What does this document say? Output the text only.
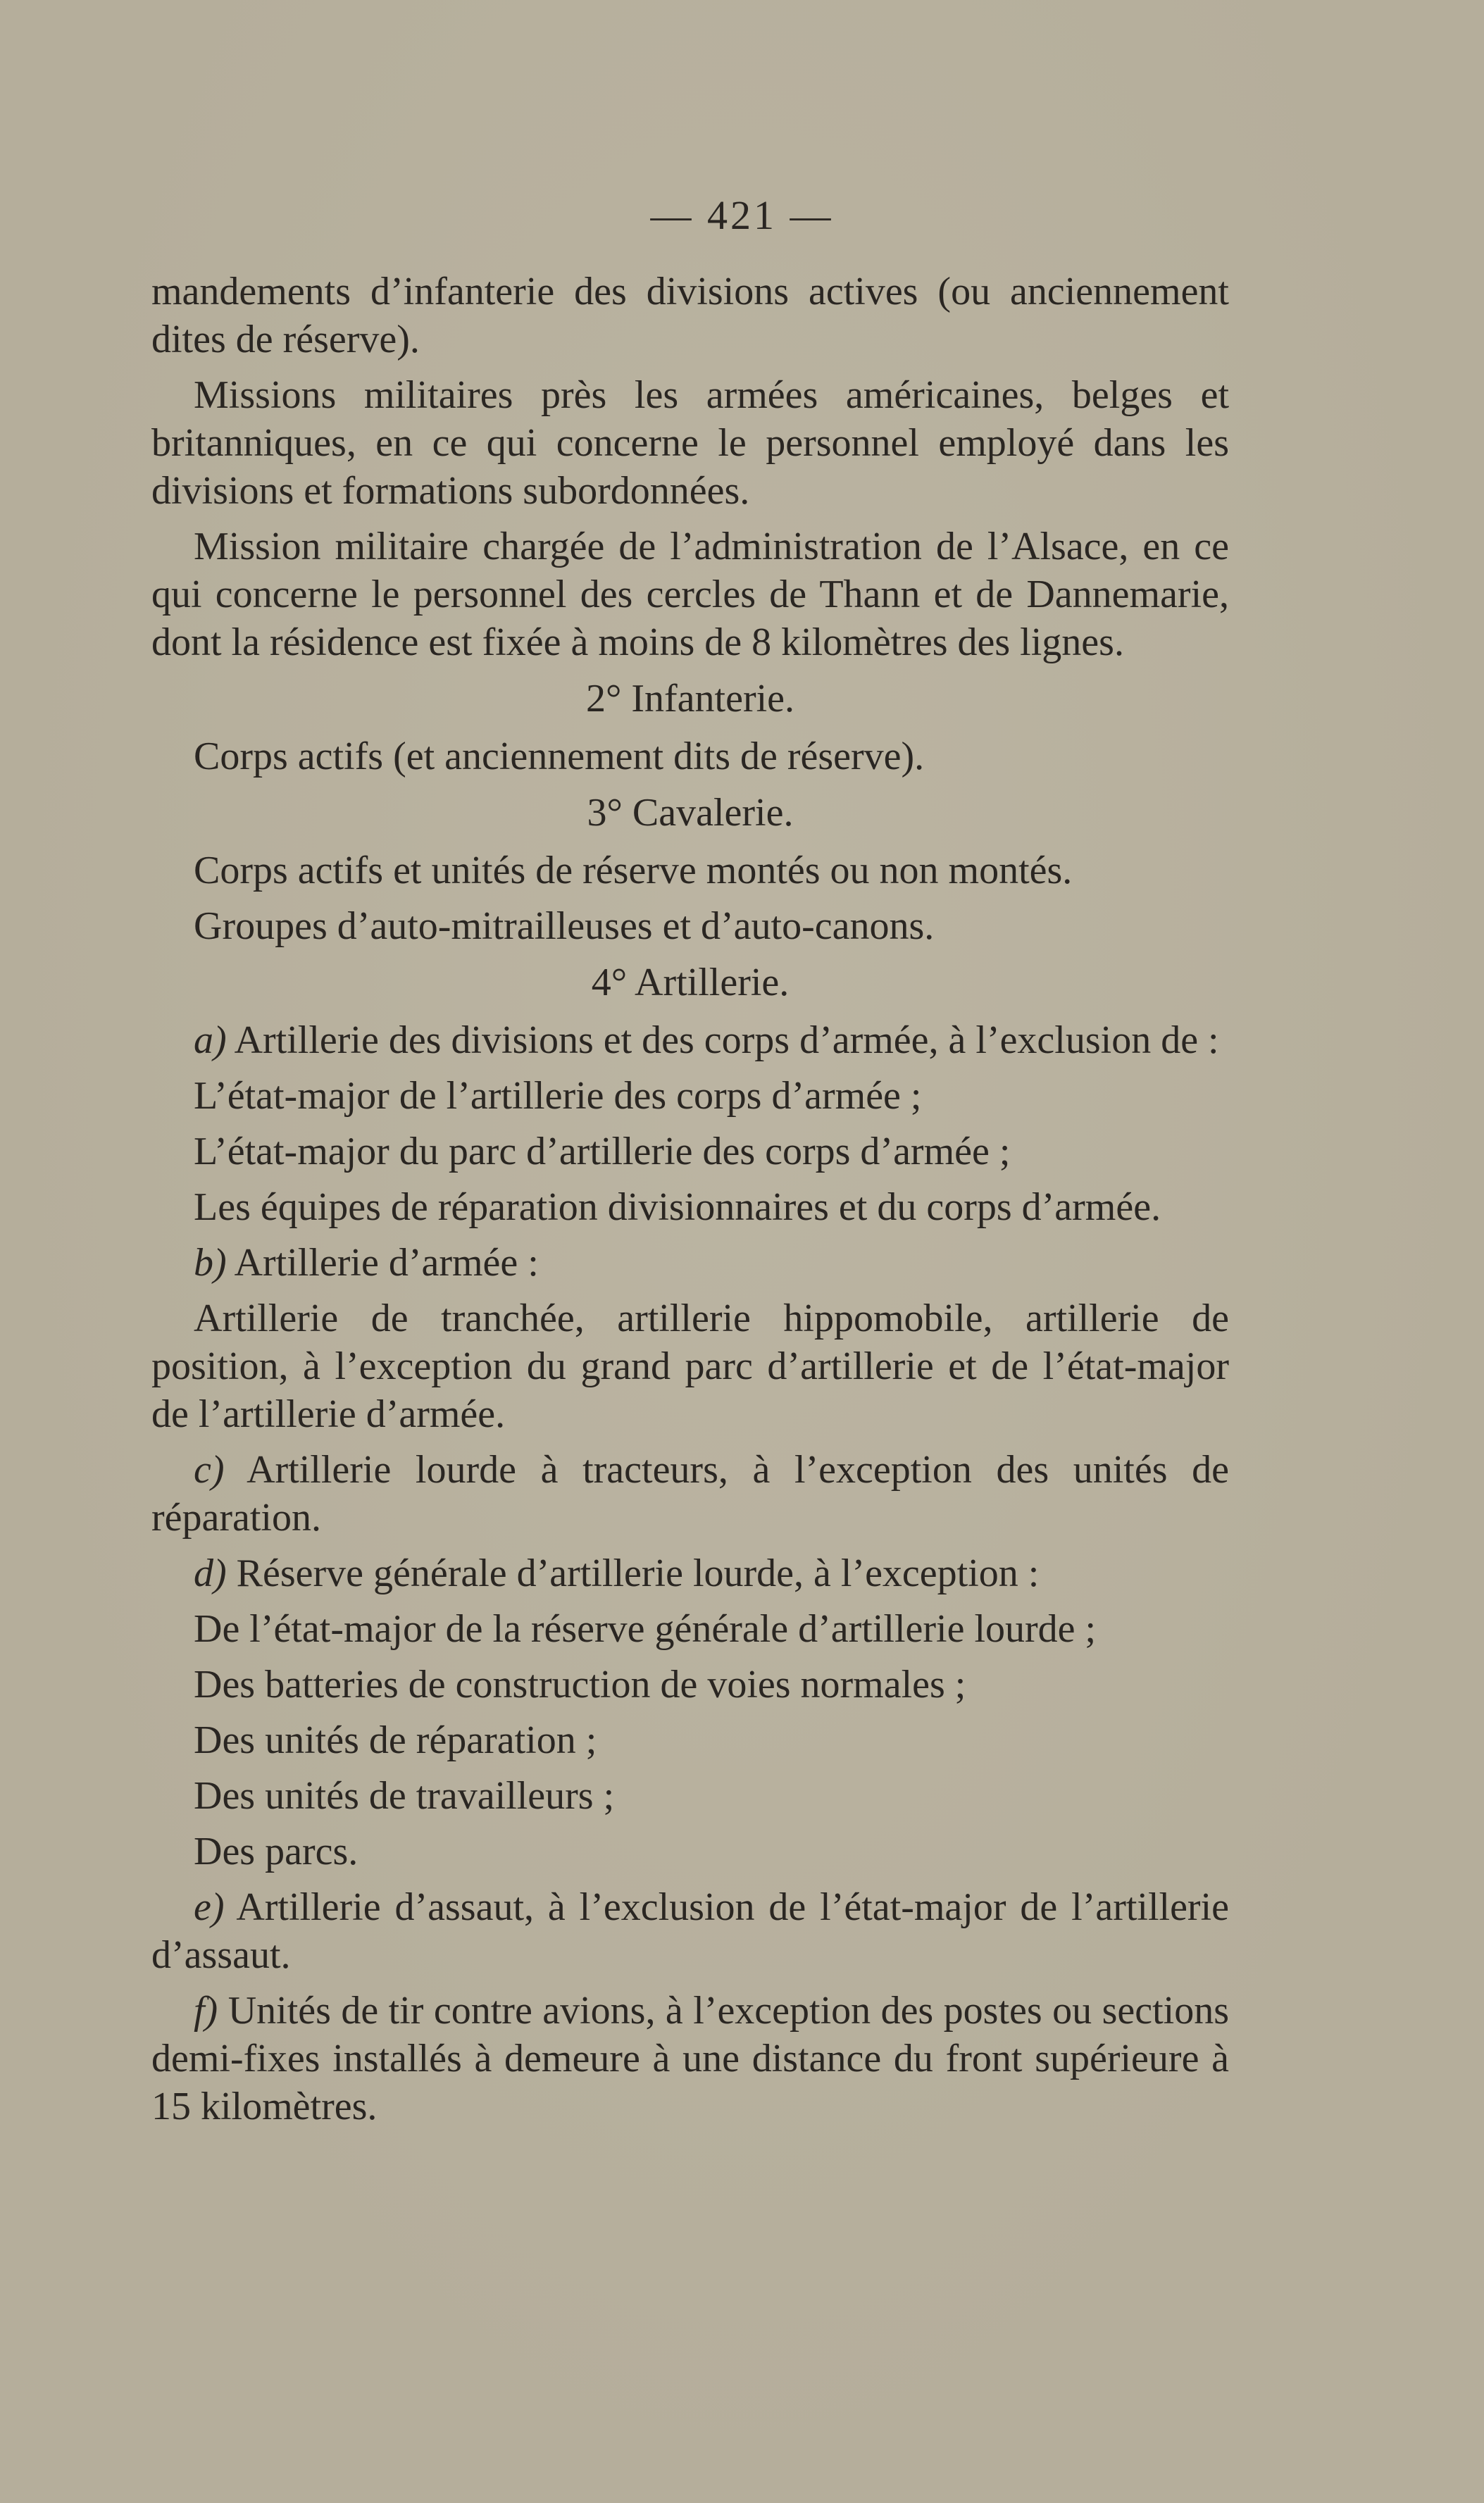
— 421 —

mandements d’infanterie des divisions actives (ou anciennement dites de réserve).

Missions militaires près les armées américaines, belges et britanniques, en ce qui concerne le personnel employé dans les divisions et formations subordonnées.

Mission militaire chargée de l’administration de l’Alsace, en ce qui concerne le personnel des cercles de Thann et de Dannemarie, dont la résidence est fixée à moins de 8 kilomètres des lignes.

2° Infanterie.

Corps actifs (et anciennement dits de réserve).

3° Cavalerie.

Corps actifs et unités de réserve montés ou non montés.

Groupes d’auto-mitrailleuses et d’auto-canons.

4° Artillerie.

a) Artillerie des divisions et des corps d’armée, à l’exclusion de :

L’état-major de l’artillerie des corps d’armée ;

L’état-major du parc d’artillerie des corps d’armée ;

Les équipes de réparation divisionnaires et du corps d’armée.

b) Artillerie d’armée :

Artillerie de tranchée, artillerie hippomobile, artillerie de position, à l’exception du grand parc d’artillerie et de l’état-major de l’artillerie d’armée.

c) Artillerie lourde à tracteurs, à l’exception des unités de réparation.

d) Réserve générale d’artillerie lourde, à l’exception :

De l’état-major de la réserve générale d’artillerie lourde ;

Des batteries de construction de voies normales ;

Des unités de réparation ;

Des unités de travailleurs ;

Des parcs.

e) Artillerie d’assaut, à l’exclusion de l’état-major de l’artillerie d’assaut.

f) Unités de tir contre avions, à l’exception des postes ou sections demi-fixes installés à demeure à une distance du front supérieure à 15 kilomètres.
